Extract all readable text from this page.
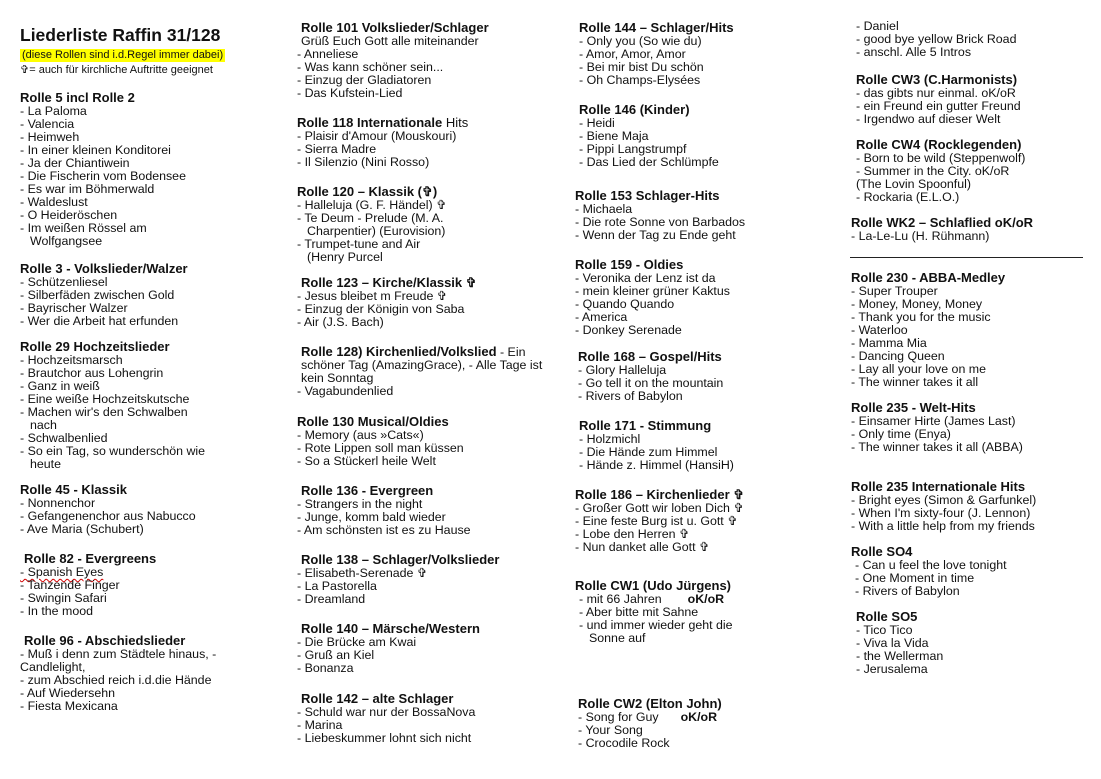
Liederliste Raffin 31/128
(diese Rollen sind i.d.Regel immer dabei)
✞= auch für kirchliche Auftritte geeignet
Rolle 5 incl Rolle 2
- La Paloma
- Valencia
- Heimweh
- In einer kleinen Konditorei
- Ja der Chiantiwein
- Die Fischerin vom Bodensee
- Es war im Böhmerwald
- Waldeslust
- O Heideröschen
- Im weißen Rössel am
Wolfgangsee
Rolle 3 - Volkslieder/Walzer
- Schützenliesel
- Silberfäden zwischen Gold
- Bayrischer Walzer
- Wer die Arbeit hat erfunden
Rolle 29 Hochzeitslieder
- Hochzeitsmarsch
- Brautchor aus Lohengrin
- Ganz in weiß
- Eine weiße Hochzeitskutsche
- Machen wir's den Schwalben
nach
- Schwalbenlied
- So ein Tag, so wunderschön wie
heute
Rolle 45 - Klassik
- Nonnenchor
- Gefangenenchor aus Nabucco
- Ave Maria (Schubert)
Rolle 82 - Evergreens
- Spanish Eyes
- Tanzende Finger
- Swingin Safari
- In the mood
Rolle 96 - Abschiedslieder
- Muß i denn zum Städtele hinaus, -
Candlelight,
- zum Abschied reich i.d.die Hände
- Auf Wiedersehn
- Fiesta Mexicana
Rolle 101 Volkslieder/Schlager
Grüß Euch Gott alle miteinander
- Anneliese
- Was kann schöner sein...
- Einzug der Gladiatoren
- Das Kufstein-Lied
Rolle 118 Internationale Hits
- Plaisir d'Amour (Mouskouri)
- Sierra Madre
- Il Silenzio (Nini Rosso)
Rolle 120 – Klassik (✞)
- Halleluja (G. F. Händel) ✞
- Te Deum - Prelude (M. A.
Charpentier) (Eurovision)
- Trumpet-tune and Air
(Henry Purcel
Rolle 123 – Kirche/Klassik ✞
- Jesus bleibet m Freude ✞
- Einzug der Königin von Saba
- Air (J.S. Bach)
Rolle 128) Kirchenlied/Volkslied - Ein schöner Tag (AmazingGrace), - Alle Tage ist kein Sonntag
- Vagabundenlied
Rolle 130 Musical/Oldies
- Memory (aus »Cats«)
- Rote Lippen soll man küssen
- So a Stückerl heile Welt
Rolle 136 - Evergreen
- Strangers in the night
- Junge, komm bald wieder
- Am schönsten ist es zu Hause
Rolle 138 – Schlager/Volkslieder
- Elisabeth-Serenade ✞
- La Pastorella
- Dreamland
Rolle 140 – Märsche/Western
- Die Brücke am Kwai
- Gruß an Kiel
- Bonanza
Rolle 142 – alte Schlager
- Schuld war nur der BossaNova
- Marina
- Liebeskummer lohnt sich nicht
Rolle 144 – Schlager/Hits
- Only you (So wie du)
- Amor, Amor, Amor
- Bei mir bist Du schön
- Oh Champs-Elysées
Rolle 146 (Kinder)
- Heidi
- Biene Maja
- Pippi Langstrumpf
- Das Lied der Schlümpfe
Rolle 153 Schlager-Hits
- Michaela
- Die rote Sonne von Barbados
- Wenn der Tag zu Ende geht
Rolle 159 - Oldies
- Veronika der Lenz ist da
- mein kleiner grüner Kaktus
- Quando Quando
- America
- Donkey Serenade
Rolle 168 – Gospel/Hits
- Glory Halleluja
- Go tell it on the mountain
- Rivers of Babylon
Rolle 171 - Stimmung
- Holzmichl
- Die Hände zum Himmel
- Hände z. Himmel (HansiH)
Rolle 186 – Kirchenlieder ✞
- Großer Gott wir loben Dich ✞
- Eine feste Burg ist u. Gott ✞
- Lobe den Herren ✞
- Nun danket alle Gott ✞
Rolle CW1 (Udo Jürgens)
- mit 66 Jahren oK/oR
- Aber bitte mit Sahne
- und immer wieder geht die
Sonne auf
Rolle CW2 (Elton John)
- Song for Guy oK/oR
- Your Song
- Crocodile Rock
- Daniel
- good bye yellow Brick Road
- anschl. Alle 5 Intros
Rolle CW3 (C.Harmonists)
- das gibts nur einmal. oK/oR
- ein Freund ein gutter Freund
- Irgendwo auf dieser Welt
Rolle CW4 (Rocklegenden)
- Born to be wild (Steppenwolf)
- Summer in the City. oK/oR
(The Lovin Spoonful)
- Rockaria (E.L.O.)
Rolle WK2 – Schlaflied oK/oR
- La-Le-Lu (H. Rühmann)
Rolle 230 - ABBA-Medley
- Super Trouper
- Money, Money, Money
- Thank you for the music
- Waterloo
- Mamma Mia
- Dancing Queen
- Lay all your love on me
- The winner takes it all
Rolle 235 - Welt-Hits
- Einsamer Hirte (James Last)
- Only time (Enya)
- The winner takes it all (ABBA)
Rolle 235 Internationale Hits
- Bright eyes (Simon & Garfunkel)
- When I'm sixty-four (J. Lennon)
- With a little help from my friends
Rolle SO4
- Can u feel the love tonight
- One Moment in time
- Rivers of Babylon
Rolle SO5
- Tico Tico
- Viva la Vida
- the Wellerman
- Jerusalema
